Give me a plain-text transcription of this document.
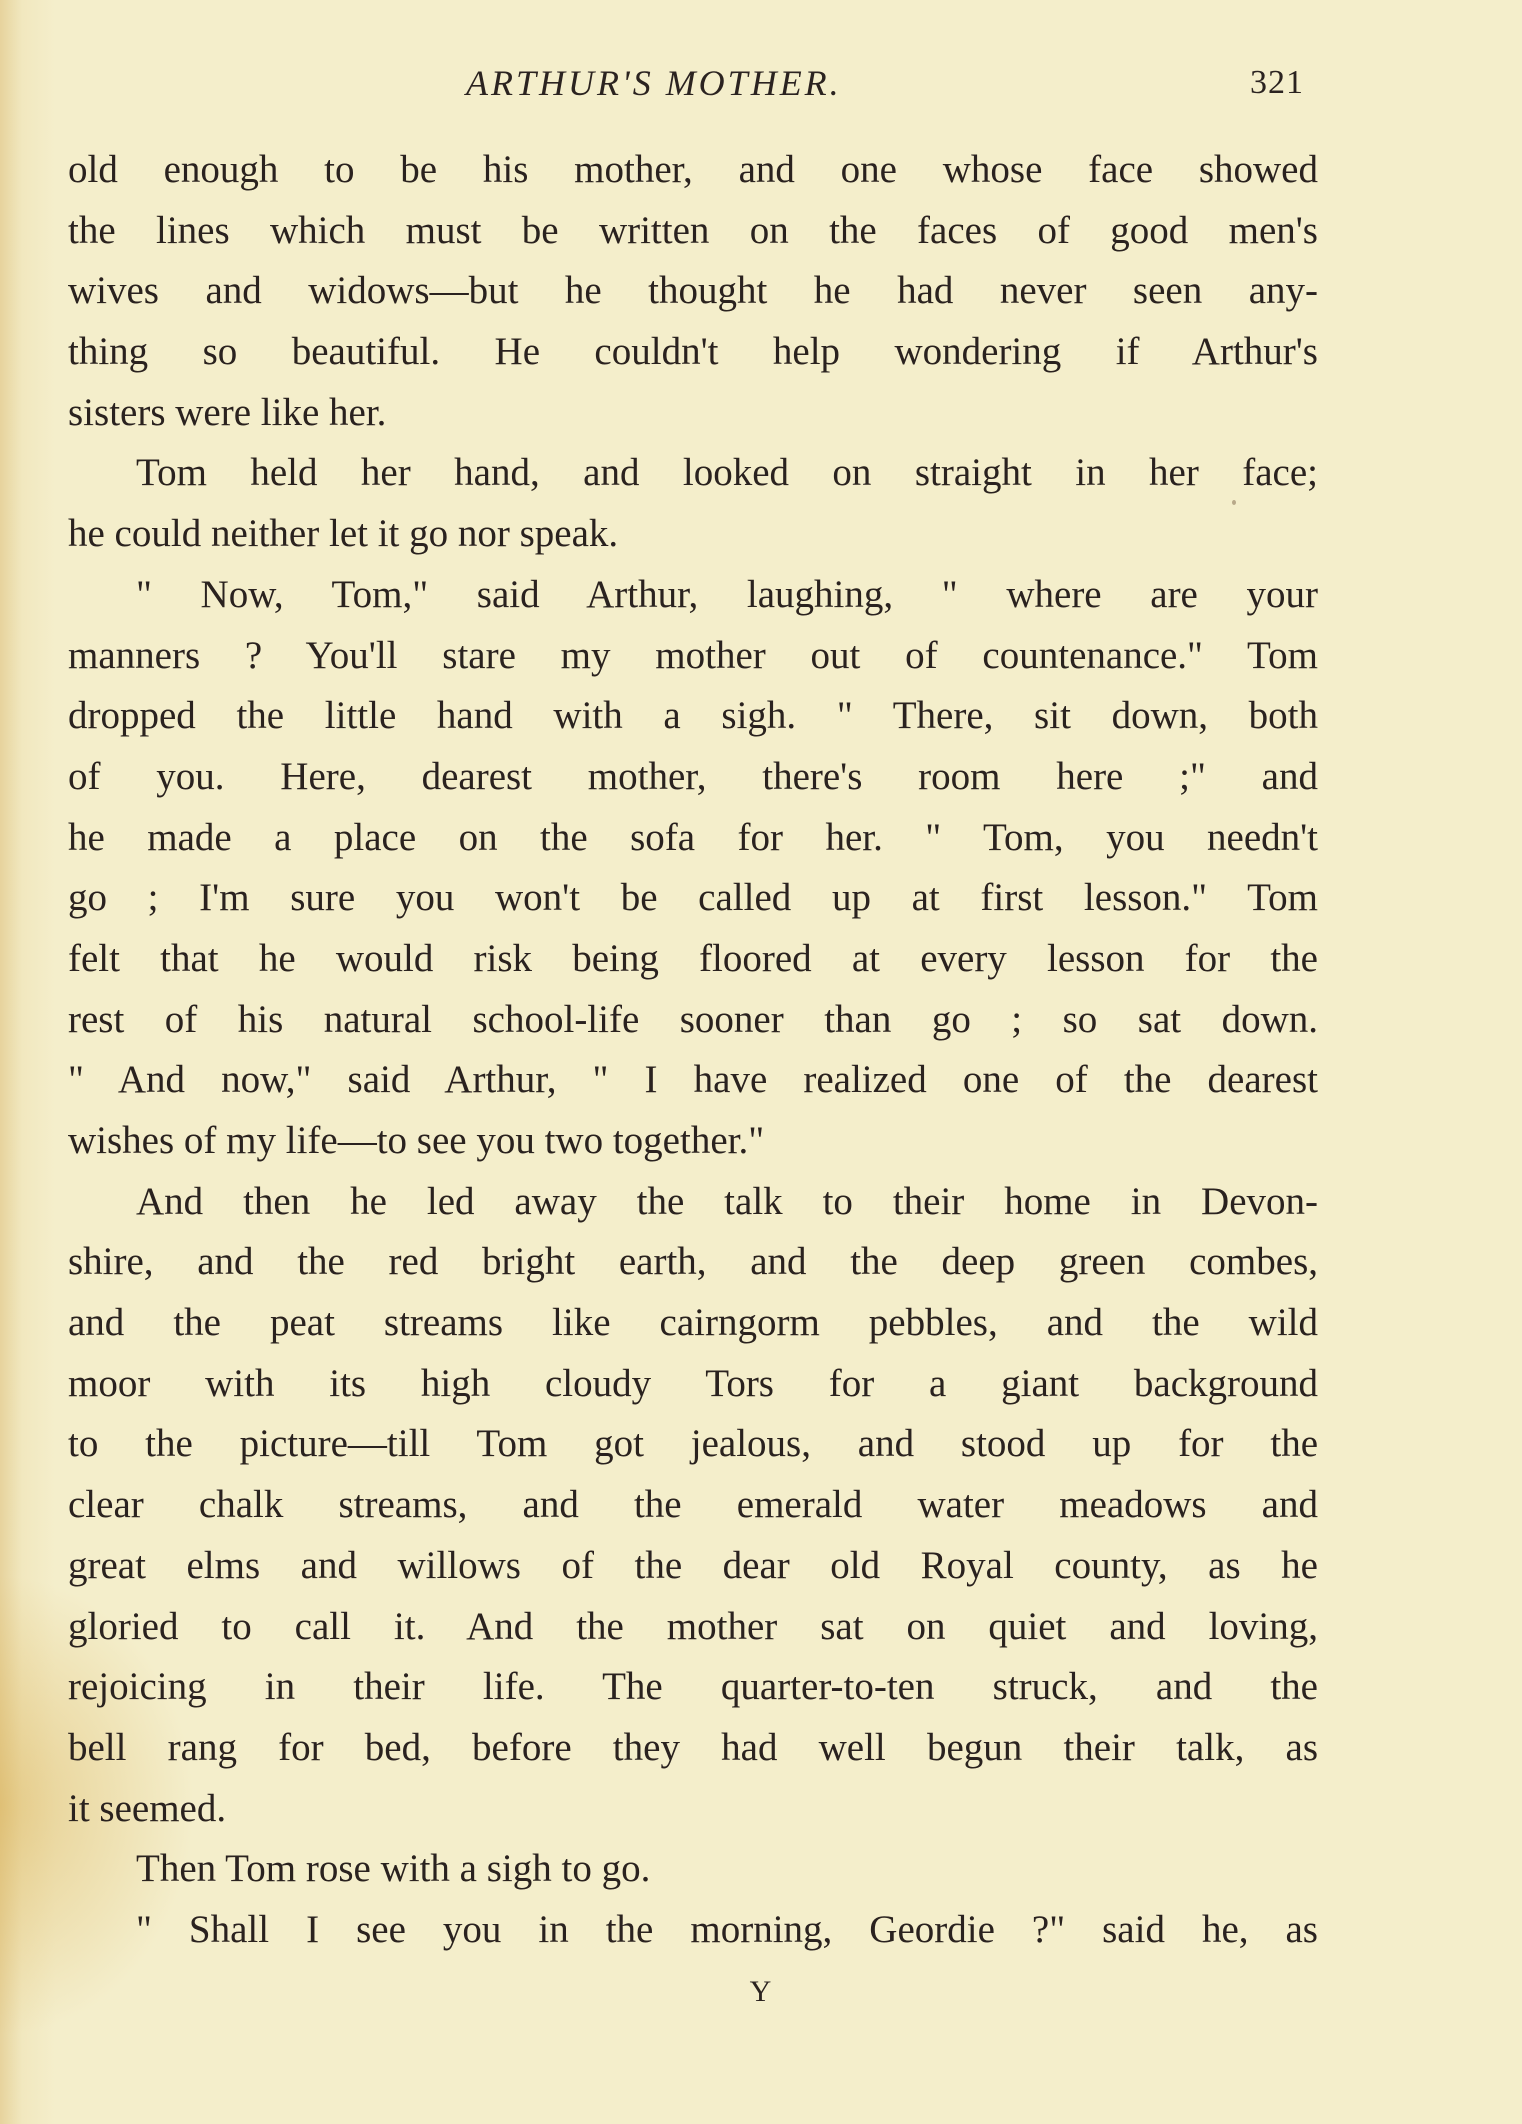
ARTHUR'S MOTHER.	321
old enough to be his mother, and one whose face showed
the lines which must be written on the faces of good men's
wives and widows—but he thought he had never seen any-
thing so beautiful. He couldn't help wondering if Arthur's
sisters were like her.
Tom held her hand, and looked on straight in her face;
he could neither let it go nor speak.
" Now, Tom," said Arthur, laughing, " where are your
manners ? You'll stare my mother out of countenance." Tom
dropped the little hand with a sigh. " There, sit down, both
of you. Here, dearest mother, there's room here ;" and
he made a place on the sofa for her. " Tom, you needn't
go ; I'm sure you won't be called up at first lesson." Tom
felt that he would risk being floored at every lesson for the
rest of his natural school-life sooner than go ; so sat down.
" And now," said Arthur, " I have realized one of the dearest
wishes of my life—to see you two together."
And then he led away the talk to their home in Devon-
shire, and the red bright earth, and the deep green combes,
and the peat streams like cairngorm pebbles, and the wild
moor with its high cloudy Tors for a giant background
to the picture—till Tom got jealous, and stood up for the
clear chalk streams, and the emerald water meadows and
great elms and willows of the dear old Royal county, as he
gloried to call it. And the mother sat on quiet and loving,
rejoicing in their life. The quarter-to-ten struck, and the
bell rang for bed, before they had well begun their talk, as
it seemed.
Then Tom rose with a sigh to go.
" Shall I see you in the morning, Geordie ?" said he, as
Y
